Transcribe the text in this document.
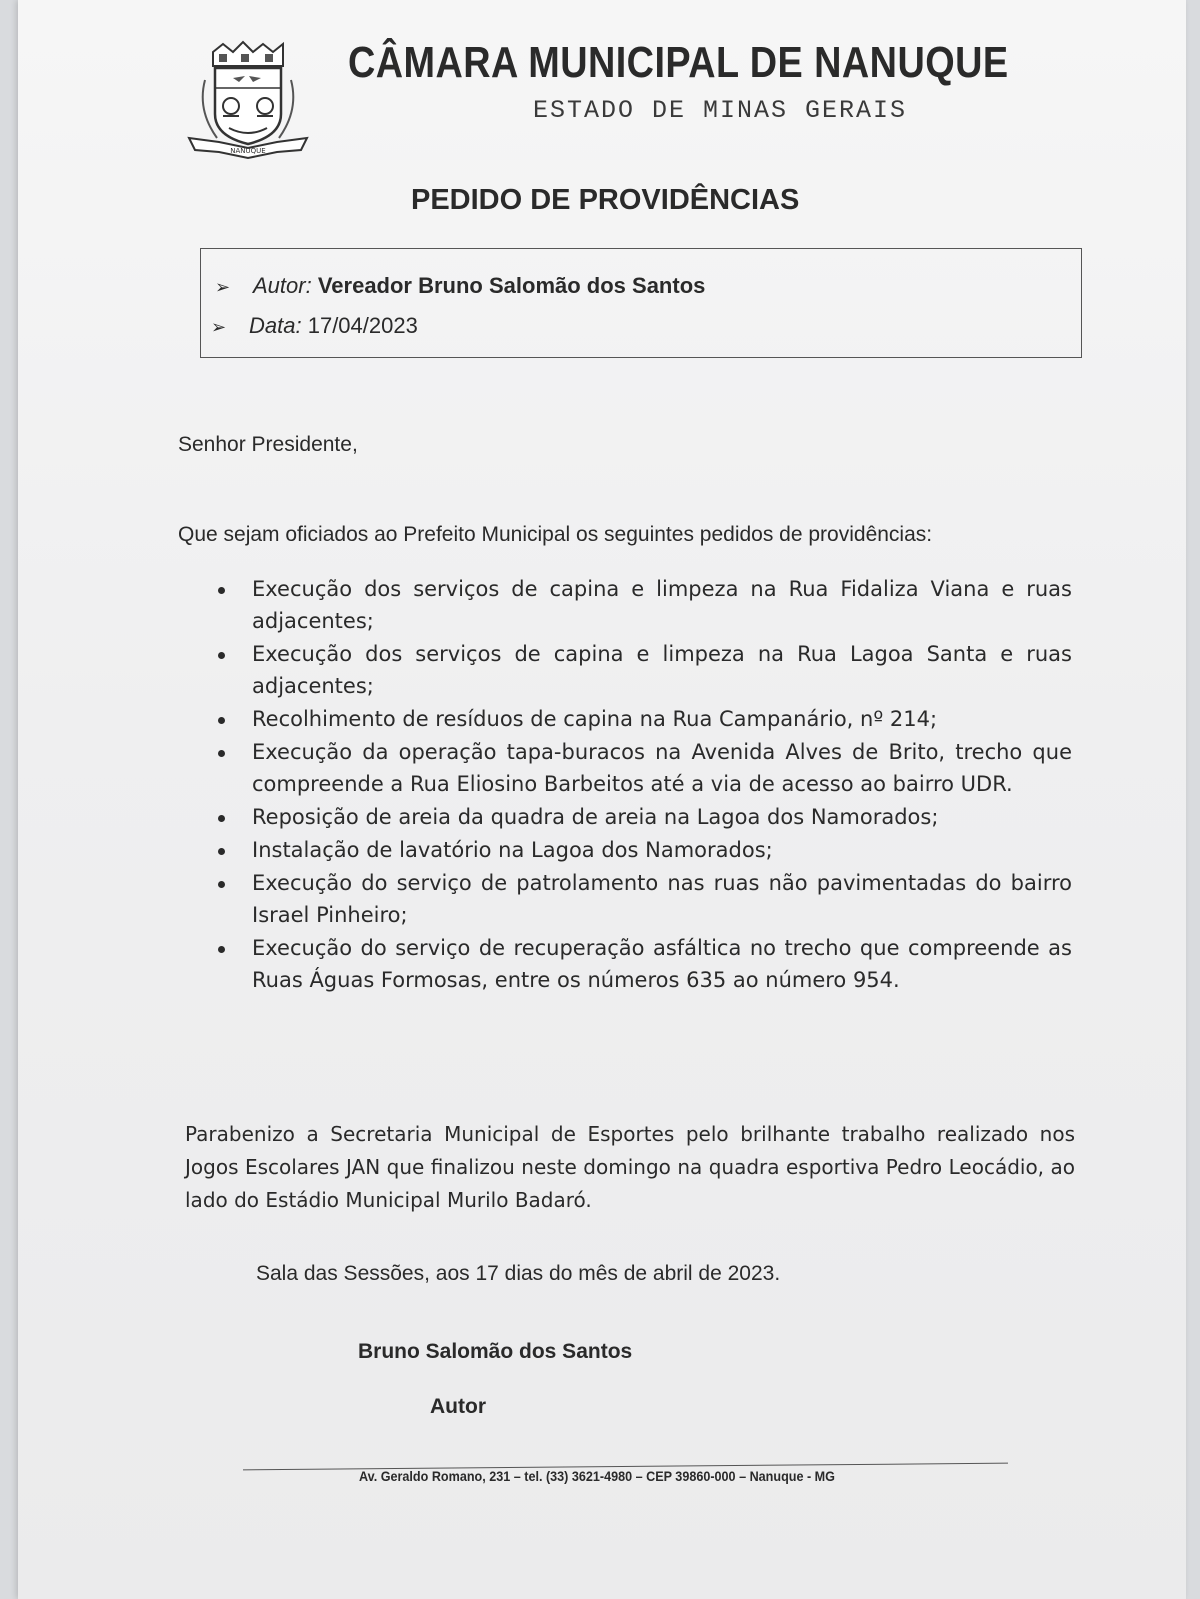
NANUQUE
CÂMARA MUNICIPAL DE NANUQUE
ESTADO DE MINAS GERAIS
PEDIDO DE PROVIDÊNCIAS
➢ Autor: Vereador Bruno Salomão dos Santos
➢ Data: 17/04/2023
Senhor Presidente,
Que sejam oficiados ao Prefeito Municipal os seguintes pedidos de providências:
Execução dos serviços de capina e limpeza na Rua Fidaliza Viana e ruas adjacentes;
Execução dos serviços de capina e limpeza na Rua Lagoa Santa e ruas adjacentes;
Recolhimento de resíduos de capina na Rua Campanário, nº 214;
Execução da operação tapa-buracos na Avenida Alves de Brito, trecho que compreende a Rua Eliosino Barbeitos até a via de acesso ao bairro UDR.
Reposição de areia da quadra de areia na Lagoa dos Namorados;
Instalação de lavatório na Lagoa dos Namorados;
Execução do serviço de patrolamento nas ruas não pavimentadas do bairro Israel Pinheiro;
Execução do serviço de recuperação asfáltica no trecho que compreende as Ruas Águas Formosas, entre os números 635 ao número 954.
Parabenizo a Secretaria Municipal de Esportes pelo brilhante trabalho realizado nos Jogos Escolares JAN que finalizou neste domingo na quadra esportiva Pedro Leocádio, ao lado do Estádio Municipal Murilo Badaró.
Sala das Sessões, aos 17 dias do mês de abril de 2023.
Bruno Salomão dos Santos
Autor
Av. Geraldo Romano, 231 – tel. (33) 3621-4980 – CEP 39860-000 – Nanuque - MG
